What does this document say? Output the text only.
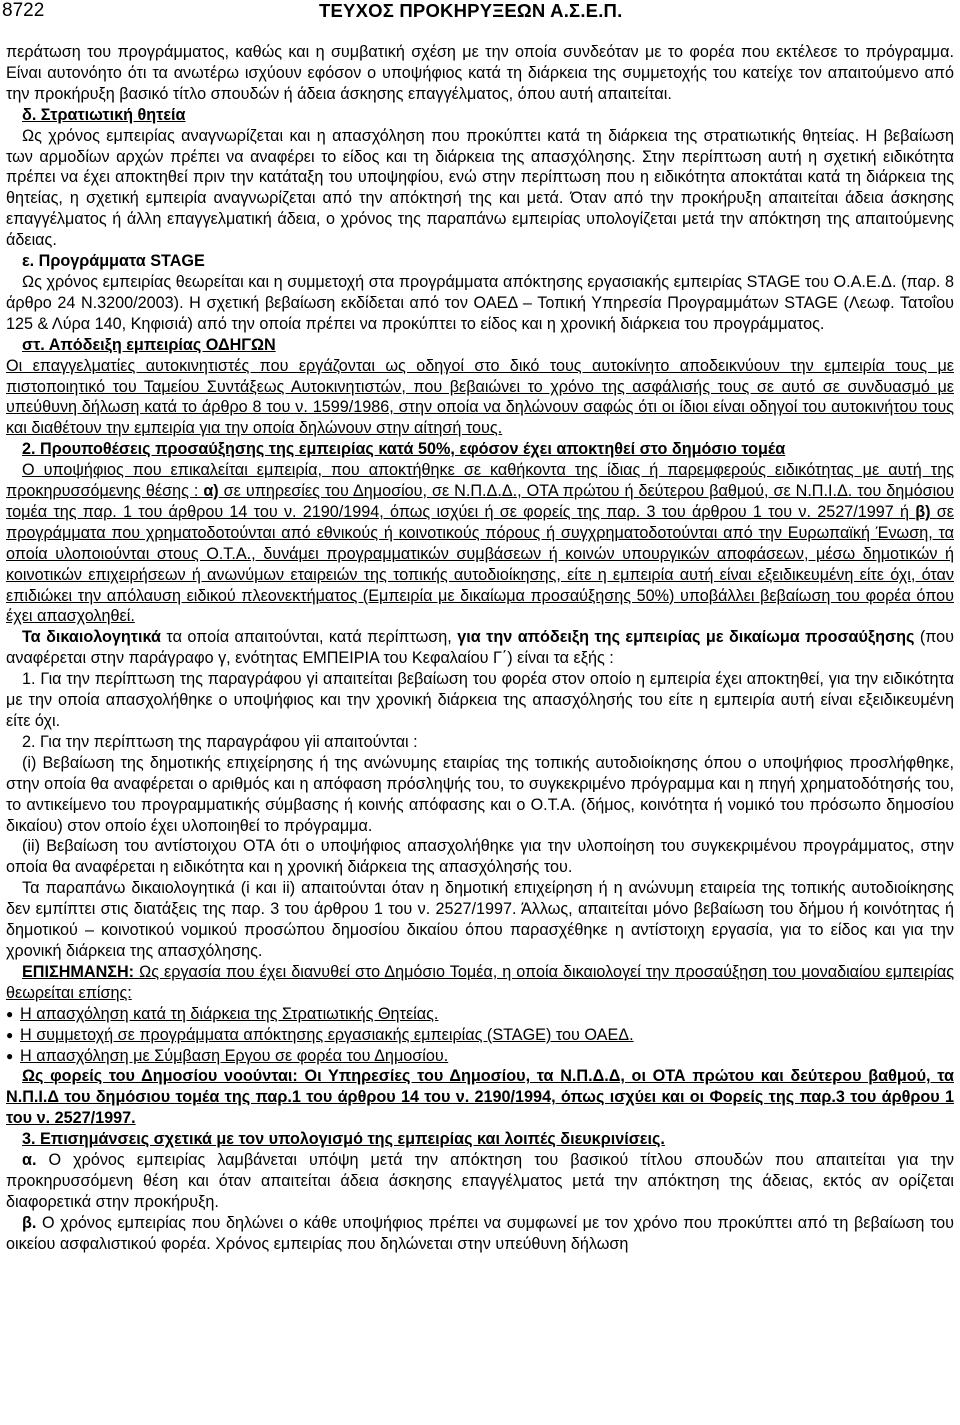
8722	ΤΕΥΧΟΣ ΠΡΟΚΗΡΥΞΕΩΝ Α.Σ.Ε.Π.

περάτωση του προγράμματος, καθώς και η συμβατική σχέση με την οποία συνδεόταν με το φορέα που εκτέλεσε το πρόγραμμα. Είναι αυτονόητο ότι τα ανωτέρω ισχύουν εφόσον ο υποψήφιος κατά τη διάρκεια της συμμετοχής του κατείχε τον απαιτούμενο από την προκήρυξη βασικό τίτλο σπουδών ή άδεια άσκησης επαγγέλματος, όπου αυτή απαιτείται.

δ. Στρατιωτική θητεία

Ως χρόνος εμπειρίας αναγνωρίζεται και η απασχόληση που προκύπτει κατά τη διάρκεια της στρατιωτικής θητείας. Η βεβαίωση των αρμοδίων αρχών πρέπει να αναφέρει το είδος και τη διάρκεια της απασχόλησης. Στην περίπτωση αυτή η σχετική ειδικότητα πρέπει να έχει αποκτηθεί πριν την κατάταξη του υποψηφίου, ενώ στην περίπτωση που η ειδικότητα αποκτάται κατά τη διάρκεια της θητείας, η σχετική εμπειρία αναγνωρίζεται από την απόκτησή της και μετά. Όταν από την προκήρυξη απαιτείται άδεια άσκησης επαγγέλματος ή άλλη επαγγελματική άδεια, ο χρόνος της παραπάνω εμπειρίας υπολογίζεται μετά την απόκτηση της απαιτούμενης άδειας.

ε. Προγράμματα STAGE

Ως χρόνος εμπειρίας θεωρείται και η συμμετοχή στα προγράμματα απόκτησης εργασιακής εμπειρίας STAGE του Ο.Α.Ε.Δ. (παρ. 8 άρθρο 24 Ν.3200/2003). Η σχετική βεβαίωση εκδίδεται από τον ΟΑΕΔ – Τοπική Υπηρεσία Προγραμμάτων STAGE (Λεωφ. Τατοΐου 125 & Λύρα 140, Κηφισιά) από την οποία πρέπει να προκύπτει το είδος και η χρονική διάρκεια του προγράμματος.

στ. Απόδειξη εμπειρίας ΟΔΗΓΩΝ

Οι επαγγελματίες αυτοκινητιστές που εργάζονται ως οδηγοί στο δικό τους αυτοκίνητο αποδεικνύουν την εμπειρία τους με πιστοποιητικό του Ταμείου Συντάξεως Αυτοκινητιστών, που βεβαιώνει το χρόνο της ασφάλισής τους σε αυτό σε συνδυασμό με υπεύθυνη δήλωση κατά το άρθρο 8 του ν. 1599/1986, στην οποία να δηλώνουν σαφώς ότι οι ίδιοι είναι οδηγοί του αυτοκινήτου τους και διαθέτουν την εμπειρία για την οποία δηλώνουν στην αίτησή τους.

2. Προυποθέσεις προσαύξησης της εμπειρίας κατά 50%, εφόσον έχει αποκτηθεί στο δημόσιο τομέα

Ο υποψήφιος που επικαλείται εμπειρία, που αποκτήθηκε σε καθήκοντα της ίδιας ή παρεμφερούς ειδικότητας με αυτή της προκηρυσσόμενης θέσης : α) σε υπηρεσίες του Δημοσίου, σε Ν.Π.Δ.Δ., ΟΤΑ πρώτου ή δεύτερου βαθμού, σε Ν.Π.Ι.Δ. του δημόσιου τομέα της παρ. 1 του άρθρου 14 του ν. 2190/1994, όπως ισχύει ή σε φορείς της παρ. 3 του άρθρου 1 του ν. 2527/1997 ή β) σε προγράμματα που χρηματοδοτούνται από εθνικούς ή κοινοτικούς πόρους ή συγχρηματοδοτούνται από την Ευρωπαϊκή Ένωση, τα οποία υλοποιούνται στους Ο.Τ.Α., δυνάμει προγραμματικών συμβάσεων ή κοινών υπουργικών αποφάσεων, μέσω δημοτικών ή κοινοτικών επιχειρήσεων ή ανωνύμων εταιρειών της τοπικής αυτοδιοίκησης, είτε η εμπειρία αυτή είναι εξειδικευμένη είτε όχι, όταν επιδιώκει την απόλαυση ειδικού πλεονεκτήματος (Εμπειρία με δικαίωμα προσαύξησης 50%) υποβάλλει βεβαίωση του φορέα όπου έχει απασχοληθεί.

Τα δικαιολογητικά τα οποία απαιτούνται, κατά περίπτωση, για την απόδειξη της εμπειρίας με δικαίωμα προσαύξησης (που αναφέρεται στην παράγραφο γ, ενότητας ΕΜΠΕΙΡΙΑ του Κεφαλαίου Γ΄) είναι τα εξής :

1. Για την περίπτωση της παραγράφου γi απαιτείται βεβαίωση του φορέα στον οποίο η εμπειρία έχει αποκτηθεί, για την ειδικότητα με την οποία απασχολήθηκε ο υποψήφιος και την χρονική διάρκεια της απασχόλησής του είτε η εμπειρία αυτή είναι εξειδικευμένη είτε όχι.

2. Για την περίπτωση της παραγράφου γii απαιτούνται :

(i) Βεβαίωση της δημοτικής επιχείρησης ή της ανώνυμης εταιρίας της τοπικής αυτοδιοίκησης όπου ο υποψήφιος προσλήφθηκε, στην οποία θα αναφέρεται ο αριθμός και η απόφαση πρόσληψής του, το συγκεκριμένο πρόγραμμα και η πηγή χρηματοδότησής του, το αντικείμενο του προγραμματικής σύμβασης ή κοινής απόφασης και ο Ο.Τ.Α. (δήμος, κοινότητα ή νομικό του πρόσωπο δημοσίου δικαίου) στον οποίο έχει υλοποιηθεί το πρόγραμμα.

(ii) Βεβαίωση του αντίστοιχου ΟΤΑ ότι ο υποψήφιος απασχολήθηκε για την υλοποίηση του συγκεκριμένου προγράμματος, στην οποία θα αναφέρεται η ειδικότητα και η χρονική διάρκεια της απασχόλησής του.

Τα παραπάνω δικαιολογητικά (i και ii) απαιτούνται όταν η δημοτική επιχείρηση ή η ανώνυμη εταιρεία της τοπικής αυτοδιοίκησης δεν εμπίπτει στις διατάξεις της παρ. 3 του άρθρου 1 του ν. 2527/1997. Άλλως, απαιτείται μόνο βεβαίωση του δήμου ή κοινότητας ή δημοτικού – κοινοτικού νομικού προσώπου δημοσίου δικαίου όπου παρασχέθηκε η αντίστοιχη εργασία, για το είδος και για την χρονική διάρκεια της απασχόλησης.

ΕΠΙΣΗΜΑΝΣΗ: Ως εργασία που έχει διανυθεί στο Δημόσιο Τομέα, η οποία δικαιολογεί την προσαύξηση του μοναδιαίου εμπειρίας θεωρείται επίσης:

● Η απασχόληση κατά τη διάρκεια της Στρατιωτικής Θητείας.

● Η συμμετοχή σε προγράμματα απόκτησης εργασιακής εμπειρίας (STAGE) του ΟΑΕΔ.

● Η απασχόληση με Σύμβαση Εργου σε φορέα του Δημοσίου.

Ως φορείς του Δημοσίου νοούνται: Οι Υπηρεσίες του Δημοσίου, τα Ν.Π.Δ.Δ, οι ΟΤΑ πρώτου και δεύτερου βαθμού, τα Ν.Π.Ι.Δ του δημόσιου τομέα της παρ.1 του άρθρου 14 του ν. 2190/1994, όπως ισχύει και οι Φορείς της παρ.3 του άρθρου 1 του ν. 2527/1997.

3. Επισημάνσεις σχετικά με τον υπολογισμό της εμπειρίας και λοιπές διευκρινίσεις.

α. Ο χρόνος εμπειρίας λαμβάνεται υπόψη μετά την απόκτηση του βασικού τίτλου σπουδών που απαιτείται για την προκηρυσσόμενη θέση και όταν απαιτείται άδεια άσκησης επαγγέλματος μετά την απόκτηση της άδειας, εκτός αν ορίζεται διαφορετικά στην προκήρυξη.

β. Ο χρόνος εμπειρίας που δηλώνει ο κάθε υποψήφιος πρέπει να συμφωνεί με τον χρόνο που προκύπτει από τη βεβαίωση του οικείου ασφαλιστικού φορέα. Χρόνος εμπειρίας που δηλώνεται στην υπεύθυνη δήλωση
